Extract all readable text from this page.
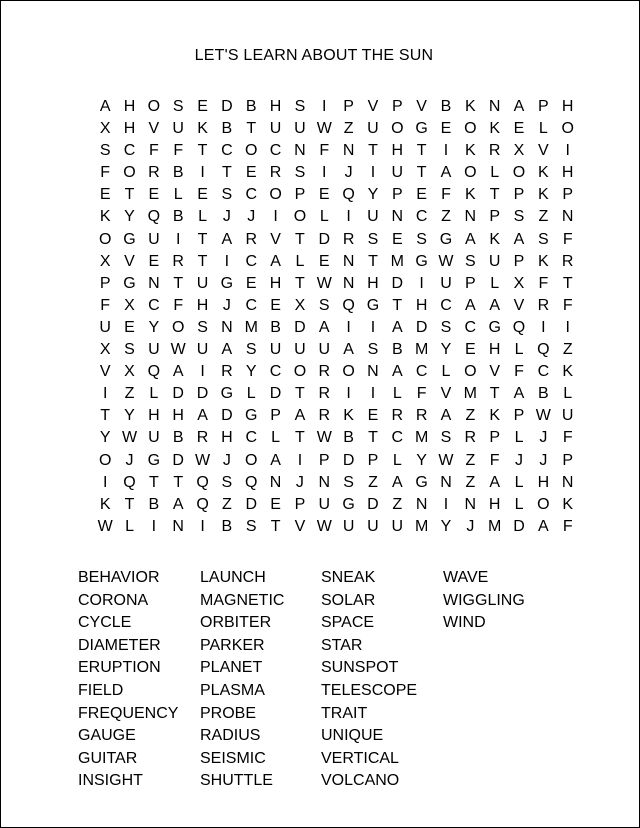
LET'S LEARN ABOUT THE SUN
A H O S E D B H S I P V P V B K N A P H
X H V U K B T U U W Z U O G E O K E L O
S C F F T C O C N F N T H T I K R X V I
F O R B I T E R S I J I U T A O L O K H
E T E L E S C O P E Q Y P E F K T P K P
K Y Q B L J J I O L I U N C Z N P S Z N
O G U I T A R V T D R S E S G A K A S F
X V E R T I C A L E N T M G W S U P K R
P G N T U G E H T W N H D I U P L X F T
F X C F H J C E X S Q G T H C A A V R F
U E Y O S N M B D A I I A D S C G Q I I
X S U W U A S U U U A S B M Y E H L Q Z
V X Q A I R Y C O R O N A C L O V F C K
I Z L D D G L D T R I I L F V M T A B L
T Y H H A D G P A R K E R R A Z K P W U
Y W U B R H C L T W B T C M S R P L J F
O J G D W J O A I P D P L Y W Z F J J P
I Q T T Q S Q N J N S Z A G N Z A L H N
K T B A Q Z D E P U G D Z N I N H L O K
W L I N I B S T V W U U U M Y J M D A F
BEHAVIOR
CORONA
CYCLE
DIAMETER
ERUPTION
FIELD
FREQUENCY
GAUGE
GUITAR
INSIGHT
LAUNCH
MAGNETIC
ORBITER
PARKER
PLANET
PLASMA
PROBE
RADIUS
SEISMIC
SHUTTLE
SNEAK
SOLAR
SPACE
STAR
SUNSPOT
TELESCOPE
TRAIT
UNIQUE
VERTICAL
VOLCANO
WAVE
WIGGLING
WIND
